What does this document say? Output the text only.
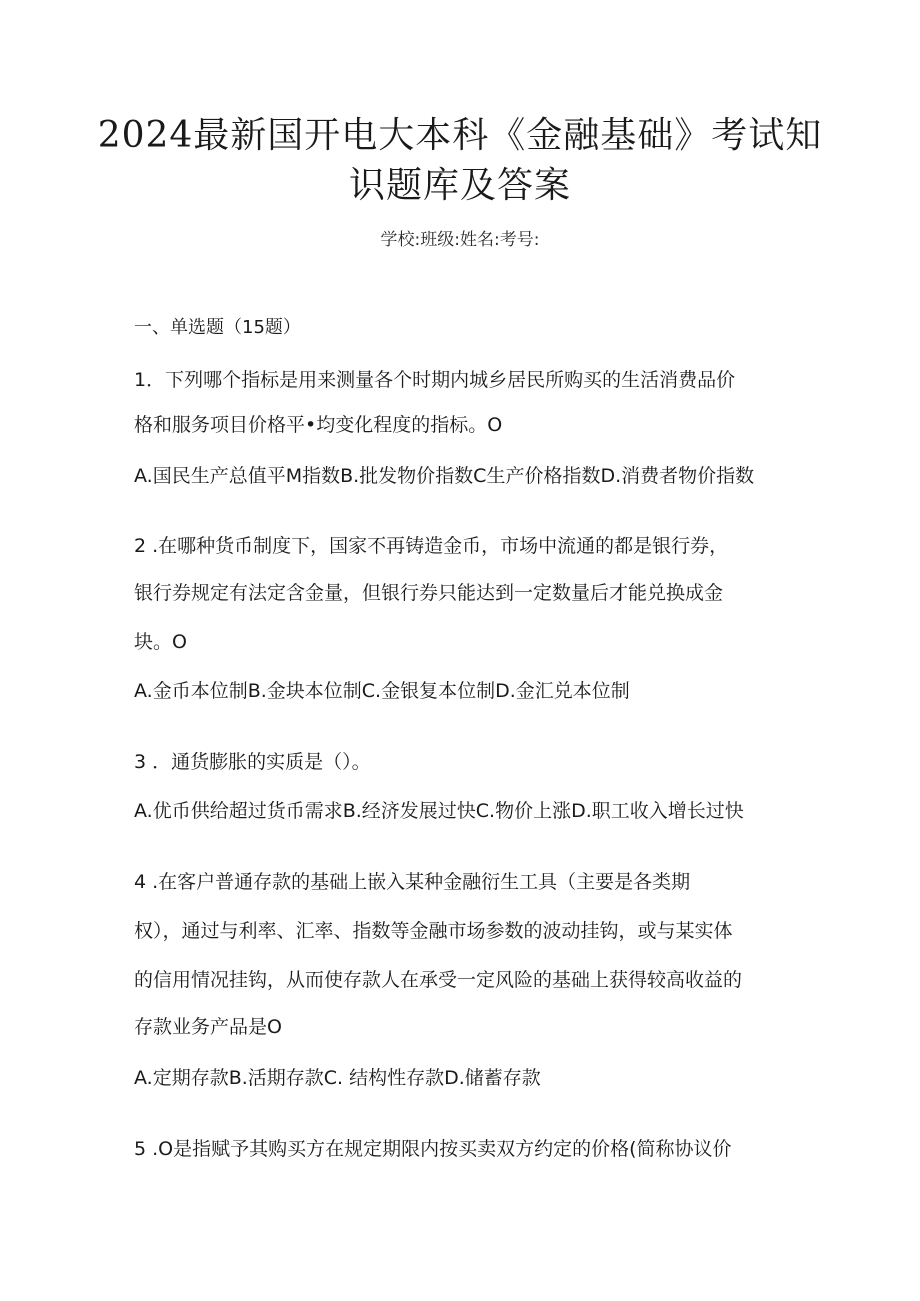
2024最新国开电大本科《金融基础》考试知
识题库及答案
学校:班级:姓名:考号:
一、单选题（15题）
1．下列哪个指标是用来测量各个时期内城乡居民所购买的生活消费品价
格和服务项目价格平•均变化程度的指标。O
A.国民生产总值平M指数B.批发物价指数C生产价格指数D.消费者物价指数
2 .在哪种货币制度下，国家不再铸造金币，市场中流通的都是银行券，
银行券规定有法定含金量，但银行券只能达到一定数量后才能兑换成金
块。O
A.金币本位制B.金块本位制C.金银复本位制D.金汇兑本位制
3 ．通货膨胀的实质是（）。
A.优币供给超过货币需求B.经济发展过快C.物价上涨D.职工收入增长过快
4 .在客户普通存款的基础上嵌入某种金融衍生工具（主要是各类期
权），通过与利率、汇率、指数等金融市场参数的波动挂钩，或与某实体
的信用情况挂钩，从而使存款人在承受一定风险的基础上获得较高收益的
存款业务产品是O
A.定期存款B.活期存款C. 结构性存款D.储蓄存款
5 .O是指赋予其购买方在规定期限内按买卖双方约定的价格(简称协议价
